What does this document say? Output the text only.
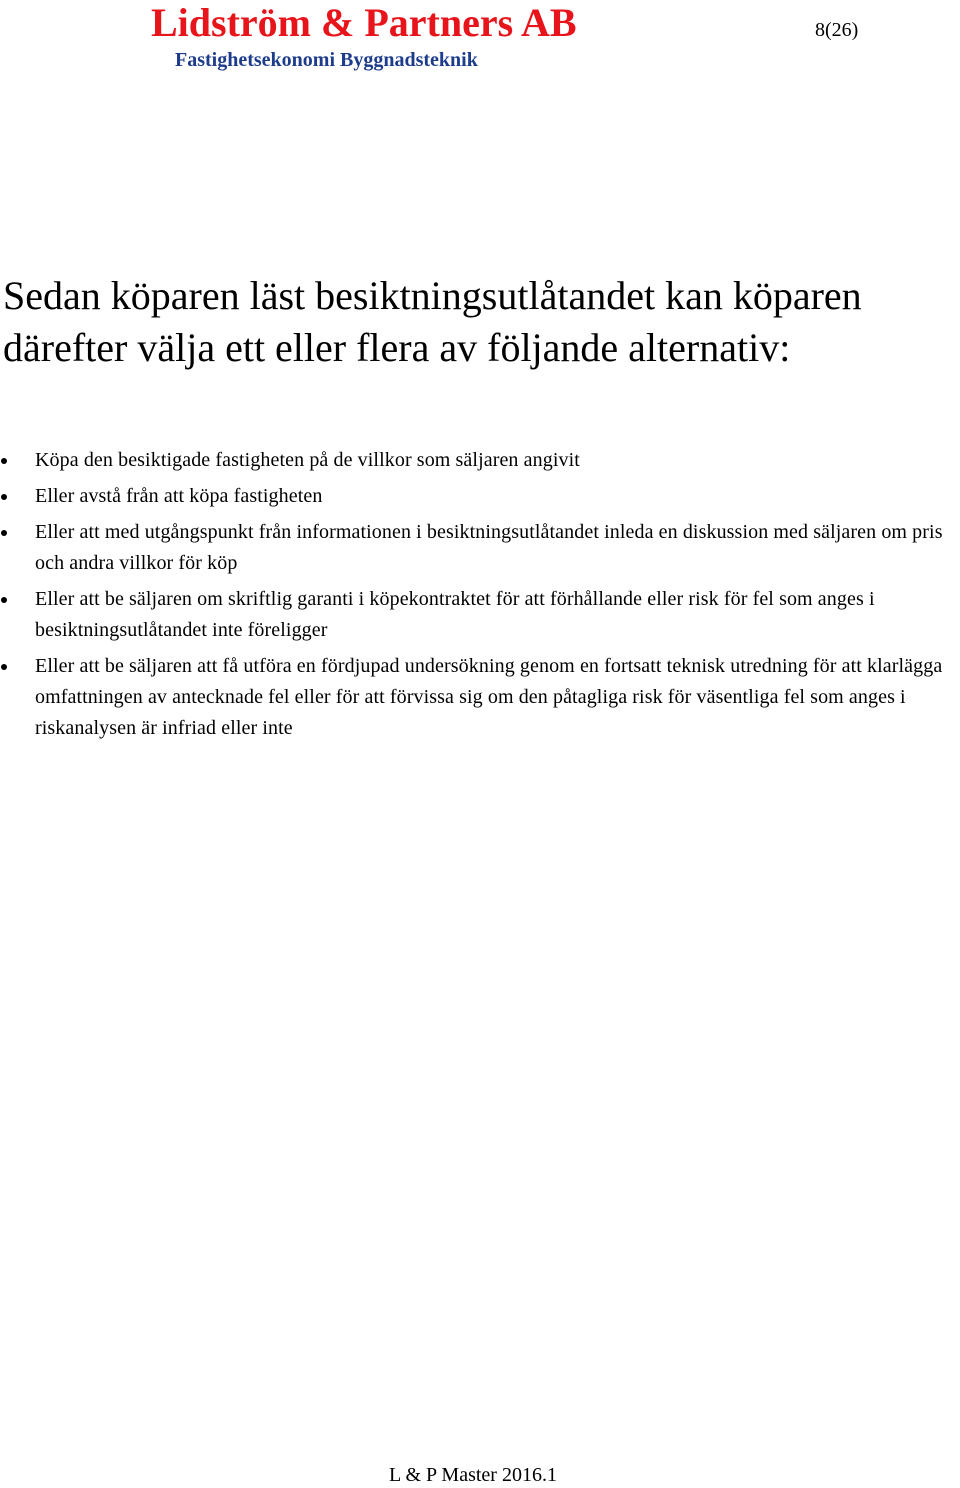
Lidström & Partners AB
Fastighetsekonomi Byggnadsteknik
8(26)
Sedan köparen läst besiktningsutlåtandet kan köparen därefter välja ett eller flera av följande alternativ:
Köpa den besiktigade fastigheten på de villkor som säljaren angivit
Eller avstå från att köpa fastigheten
Eller att med utgångspunkt från informationen i besiktningsutlåtandet inleda en diskussion med säljaren om pris och andra villkor för köp
Eller att be säljaren om skriftlig garanti i köpekontraktet för att förhållande eller risk för fel som anges i besiktningsutlåtandet inte föreligger
Eller att be säljaren att få utföra en fördjupad undersökning genom en fortsatt teknisk utredning för att klarlägga omfattningen av antecknade fel eller för att förvissa sig om den påtagliga risk för väsentliga fel som anges i riskanalysen är infriad eller inte
L & P Master 2016.1
